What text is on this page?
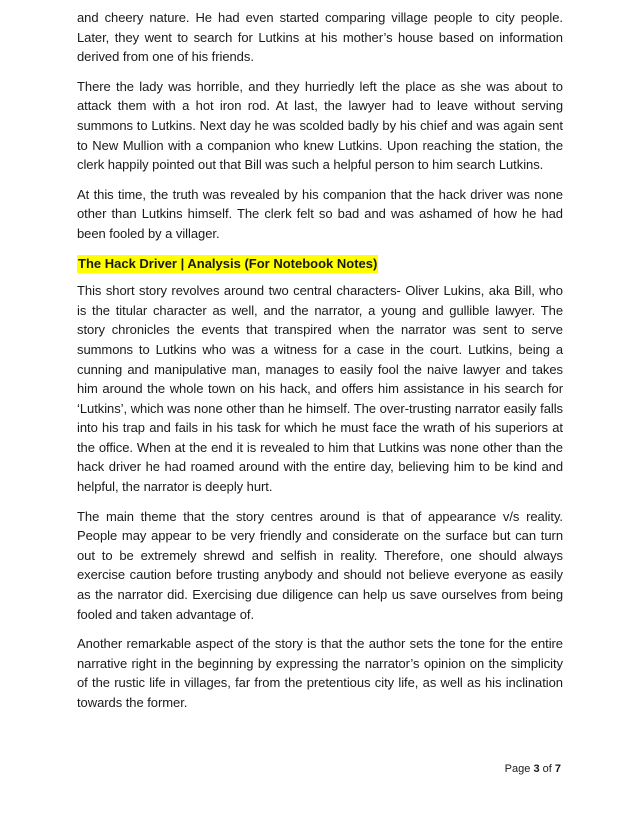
and cheery nature. He had even started comparing village people to city people. Later, they went to search for Lutkins at his mother’s house based on information derived from one of his friends.

There the lady was horrible, and they hurriedly left the place as she was about to attack them with a hot iron rod. At last, the lawyer had to leave without serving summons to Lutkins. Next day he was scolded badly by his chief and was again sent to New Mullion with a companion who knew Lutkins. Upon reaching the station, the clerk happily pointed out that Bill was such a helpful person to him search Lutkins.

At this time, the truth was revealed by his companion that the hack driver was none other than Lutkins himself. The clerk felt so bad and was ashamed of how he had been fooled by a villager.

The Hack Driver | Analysis (For Notebook Notes)

This short story revolves around two central characters- Oliver Lukins, aka Bill, who is the titular character as well, and the narrator, a young and gullible lawyer. The story chronicles the events that transpired when the narrator was sent to serve summons to Lutkins who was a witness for a case in the court. Lutkins, being a cunning and manipulative man, manages to easily fool the naive lawyer and takes him around the whole town on his hack, and offers him assistance in his search for ‘Lutkins’, which was none other than he himself. The over-trusting narrator easily falls into his trap and fails in his task for which he must face the wrath of his superiors at the office. When at the end it is revealed to him that Lutkins was none other than the hack driver he had roamed around with the entire day, believing him to be kind and helpful, the narrator is deeply hurt.

The main theme that the story centres around is that of appearance v/s reality. People may appear to be very friendly and considerate on the surface but can turn out to be extremely shrewd and selfish in reality. Therefore, one should always exercise caution before trusting anybody and should not believe everyone as easily as the narrator did. Exercising due diligence can help us save ourselves from being fooled and taken advantage of.

Another remarkable aspect of the story is that the author sets the tone for the entire narrative right in the beginning by expressing the narrator’s opinion on the simplicity of the rustic life in villages, far from the pretentious city life, as well as his inclination towards the former.

Page 3 of 7
